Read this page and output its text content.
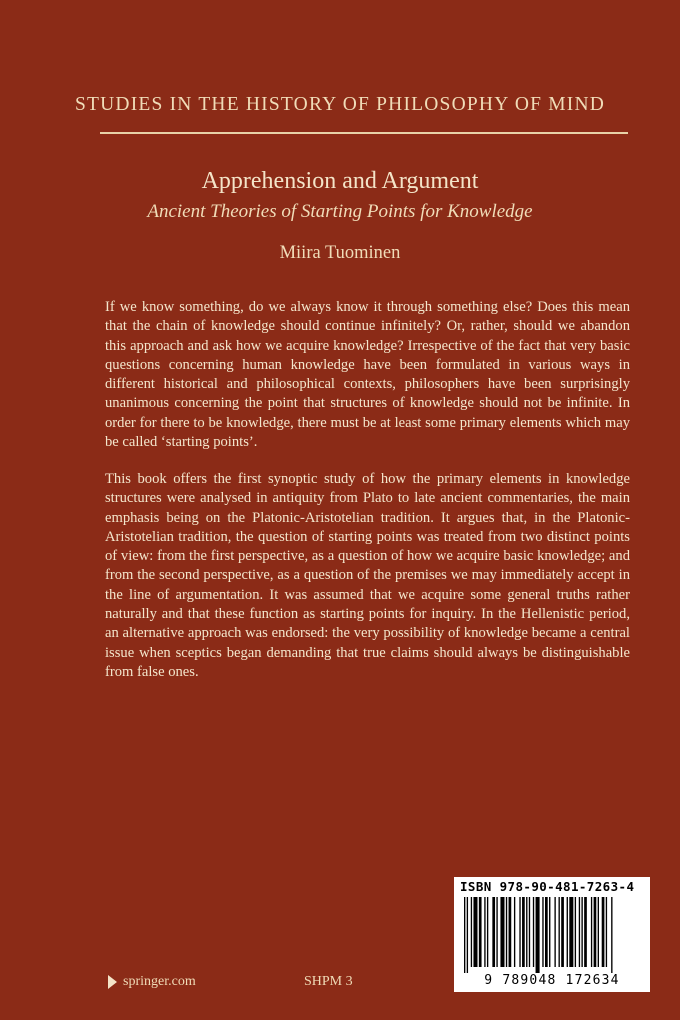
STUDIES IN THE HISTORY OF PHILOSOPHY OF MIND
Apprehension and Argument
Ancient Theories of Starting Points for Knowledge
Miira Tuominen

If we know something, do we always know it through something else? Does this mean that the chain of knowledge should continue infinitely? Or, rather, should we abandon this approach and ask how we acquire knowledge? Irrespective of the fact that very basic questions concerning human knowledge have been formulated in various ways in different historical and philosophical contexts, philosophers have been surprisingly unanimous concerning the point that structures of knowledge should not be infinite. In order for there to be knowledge, there must be at least some primary elements which may be called ‘starting points’.

This book offers the first synoptic study of how the primary elements in knowledge structures were analysed in antiquity from Plato to late ancient commentaries, the main emphasis being on the Platonic-Aristotelian tradition. It argues that, in the Platonic-Aristotelian tradition, the question of starting points was treated from two distinct points of view: from the first perspective, as a question of how we acquire basic knowledge; and from the second perspective, as a question of the premises we may immediately accept in the line of argumentation. It was assumed that we acquire some general truths rather naturally and that these function as starting points for inquiry. In the Hellenistic period, an alternative approach was endorsed: the very possibility of knowledge became a central issue when sceptics began demanding that true claims should always be distinguishable from false ones.

springer.com	SHPM 3
ISBN 978-90-481-7263-4
9 789048 172634
